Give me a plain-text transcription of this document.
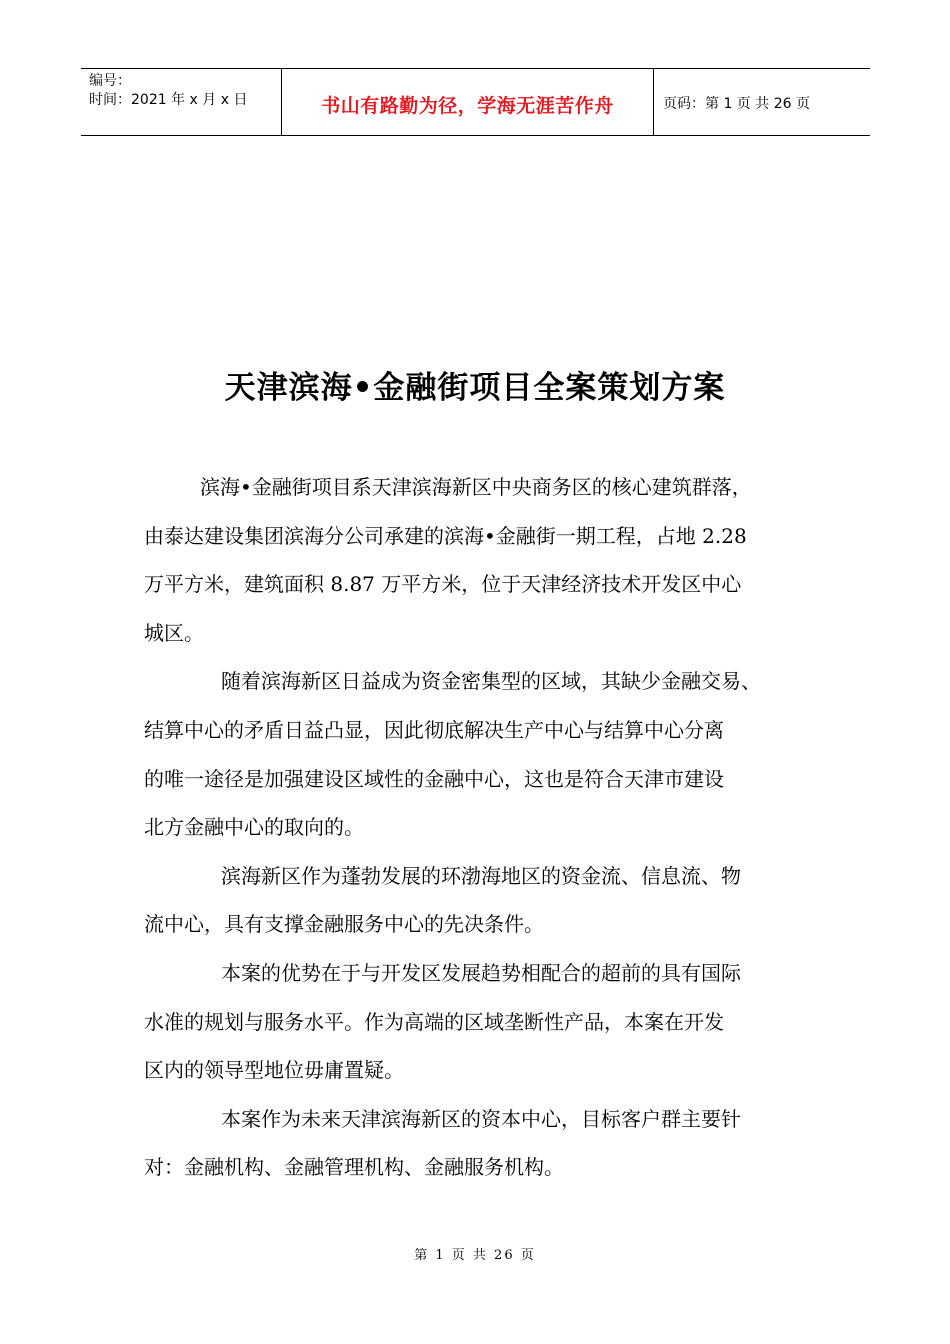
编号：
时间：2021 年 x 月 x 日	书山有路勤为径，学海无涯苦作舟	页码：第 1 页 共 26 页
天津滨海•金融街项目全案策划方案
滨海•金融街项目系天津滨海新区中央商务区的核心建筑群落，
由泰达建设集团滨海分公司承建的滨海•金融街一期工程，占地 2.28
万平方米，建筑面积 8.87 万平方米，位于天津经济技术开发区中心
城区。
随着滨海新区日益成为资金密集型的区域，其缺少金融交易、
结算中心的矛盾日益凸显，因此彻底解决生产中心与结算中心分离
的唯一途径是加强建设区域性的金融中心，这也是符合天津市建设
北方金融中心的取向的。
滨海新区作为蓬勃发展的环渤海地区的资金流、信息流、物
流中心，具有支撑金融服务中心的先决条件。
本案的优势在于与开发区发展趋势相配合的超前的具有国际
水准的规划与服务水平。作为高端的区域垄断性产品，本案在开发
区内的领导型地位毋庸置疑。
本案作为未来天津滨海新区的资本中心，目标客户群主要针
对：金融机构、金融管理机构、金融服务机构。
第 1 页 共 26 页
